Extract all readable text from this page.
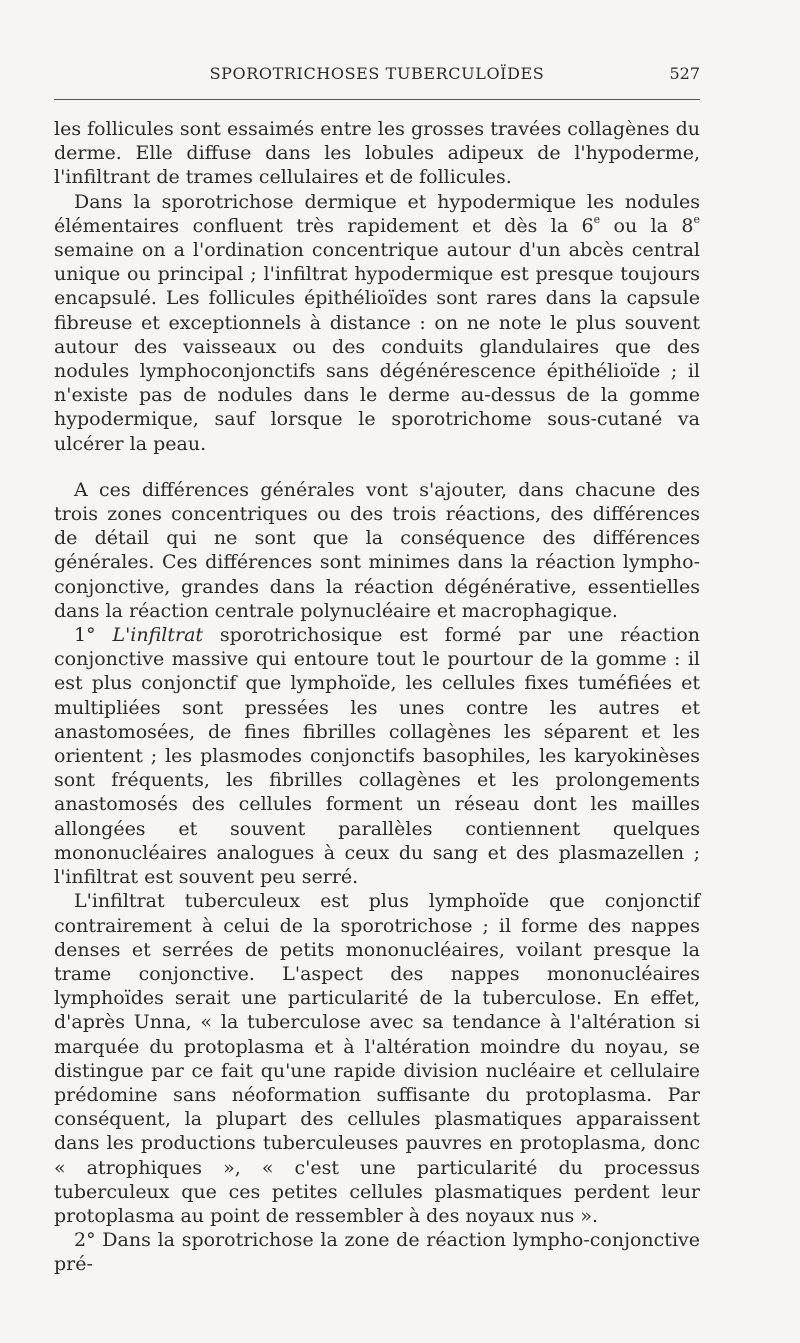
SPOROTRICHOSES TUBERCULOÏDES	527

les follicules sont essaimés entre les grosses travées collagènes du derme. Elle diffuse dans les lobules adipeux de l'hypoderme, l'infiltrant de trames cellulaires et de follicules.

Dans la sporotrichose dermique et hypodermique les nodules élémentaires confluent très rapidement et dès la 6e ou la 8e semaine on a l'ordination concentrique autour d'un abcès central unique ou principal ; l'infiltrat hypodermique est presque toujours encapsulé. Les follicules épithélioïdes sont rares dans la capsule fibreuse et exceptionnels à distance : on ne note le plus souvent autour des vaisseaux ou des conduits glandulaires que des nodules lymphoconjonctifs sans dégénérescence épithélioïde ; il n'existe pas de nodules dans le derme au-dessus de la gomme hypodermique, sauf lorsque le sporotrichome sous-cutané va ulcérer la peau.

A ces différences générales vont s'ajouter, dans chacune des trois zones concentriques ou des trois réactions, des différences de détail qui ne sont que la conséquence des différences générales. Ces différences sont minimes dans la réaction lympho-conjonctive, grandes dans la réaction dégénérative, essentielles dans la réaction centrale polynucléaire et macrophagique.

1° L'infiltrat sporotrichosique est formé par une réaction conjonctive massive qui entoure tout le pourtour de la gomme : il est plus conjonctif que lymphoïde, les cellules fixes tuméfiées et multipliées sont pressées les unes contre les autres et anastomosées, de fines fibrilles collagènes les séparent et les orientent ; les plasmodes conjonctifs basophiles, les karyokinèses sont fréquents, les fibrilles collagènes et les prolongements anastomosés des cellules forment un réseau dont les mailles allongées et souvent parallèles contiennent quelques mononucléaires analogues à ceux du sang et des plasmazellen ; l'infiltrat est souvent peu serré.

L'infiltrat tuberculeux est plus lymphoïde que conjonctif contrairement à celui de la sporotrichose ; il forme des nappes denses et serrées de petits mononucléaires, voilant presque la trame conjonctive. L'aspect des nappes mononucléaires lymphoïdes serait une particularité de la tuberculose. En effet, d'après Unna, « la tuberculose avec sa tendance à l'altération si marquée du protoplasma et à l'altération moindre du noyau, se distingue par ce fait qu'une rapide division nucléaire et cellulaire prédomine sans néoformation suffisante du protoplasma. Par conséquent, la plupart des cellules plasmatiques apparaissent dans les productions tuberculeuses pauvres en protoplasma, donc « atrophiques », « c'est une particularité du processus tuberculeux que ces petites cellules plasmatiques perdent leur protoplasma au point de ressembler à des noyaux nus ».

2° Dans la sporotrichose la zone de réaction lympho-conjonctive pré-
